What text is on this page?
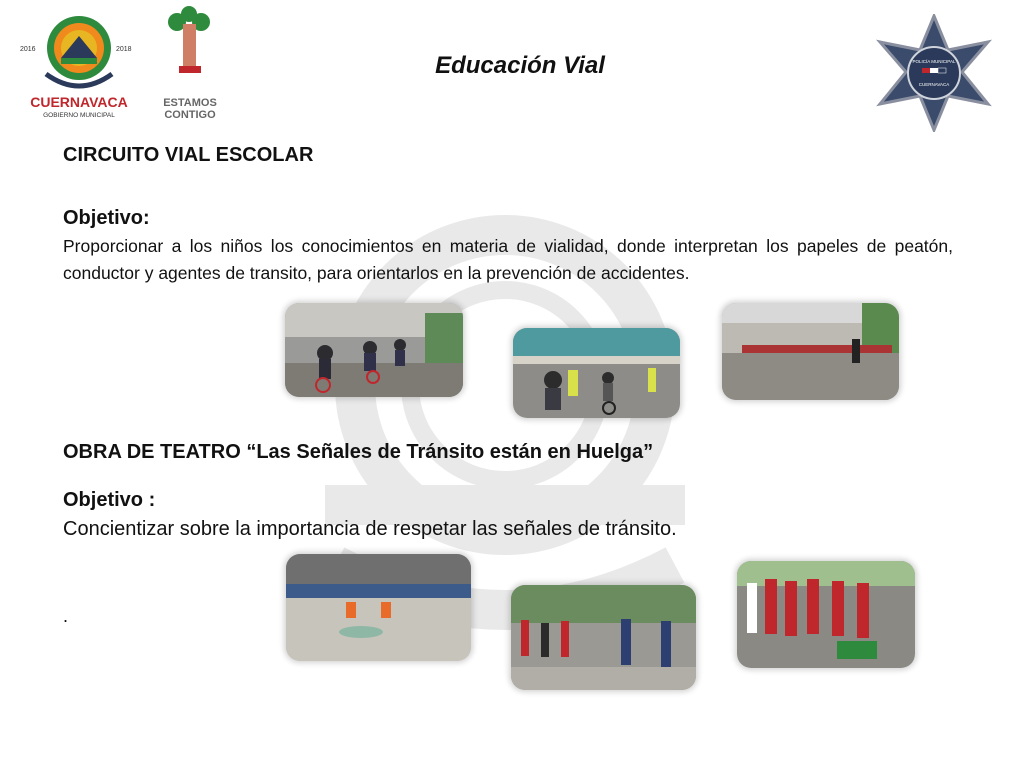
2016	2018
CUERNAVACA
GOBIERNO MUNICIPAL
ESTAMOS
CONTIGO
Educación Vial	POLICÍA MUNICIPAL
CUERNAVACA
CIRCUITO VIAL ESCOLAR
Objetivo:
Proporcionar a los niños los conocimientos en materia de vialidad, donde interpretan los papeles de peatón, conductor y agentes de transito, para orientarlos en la prevención de accidentes.
OBRA DE TEATRO “Las Señales de Tránsito están en Huelga”
Objetivo :
Concientizar sobre la importancia de respetar las señales de tránsito.
.
